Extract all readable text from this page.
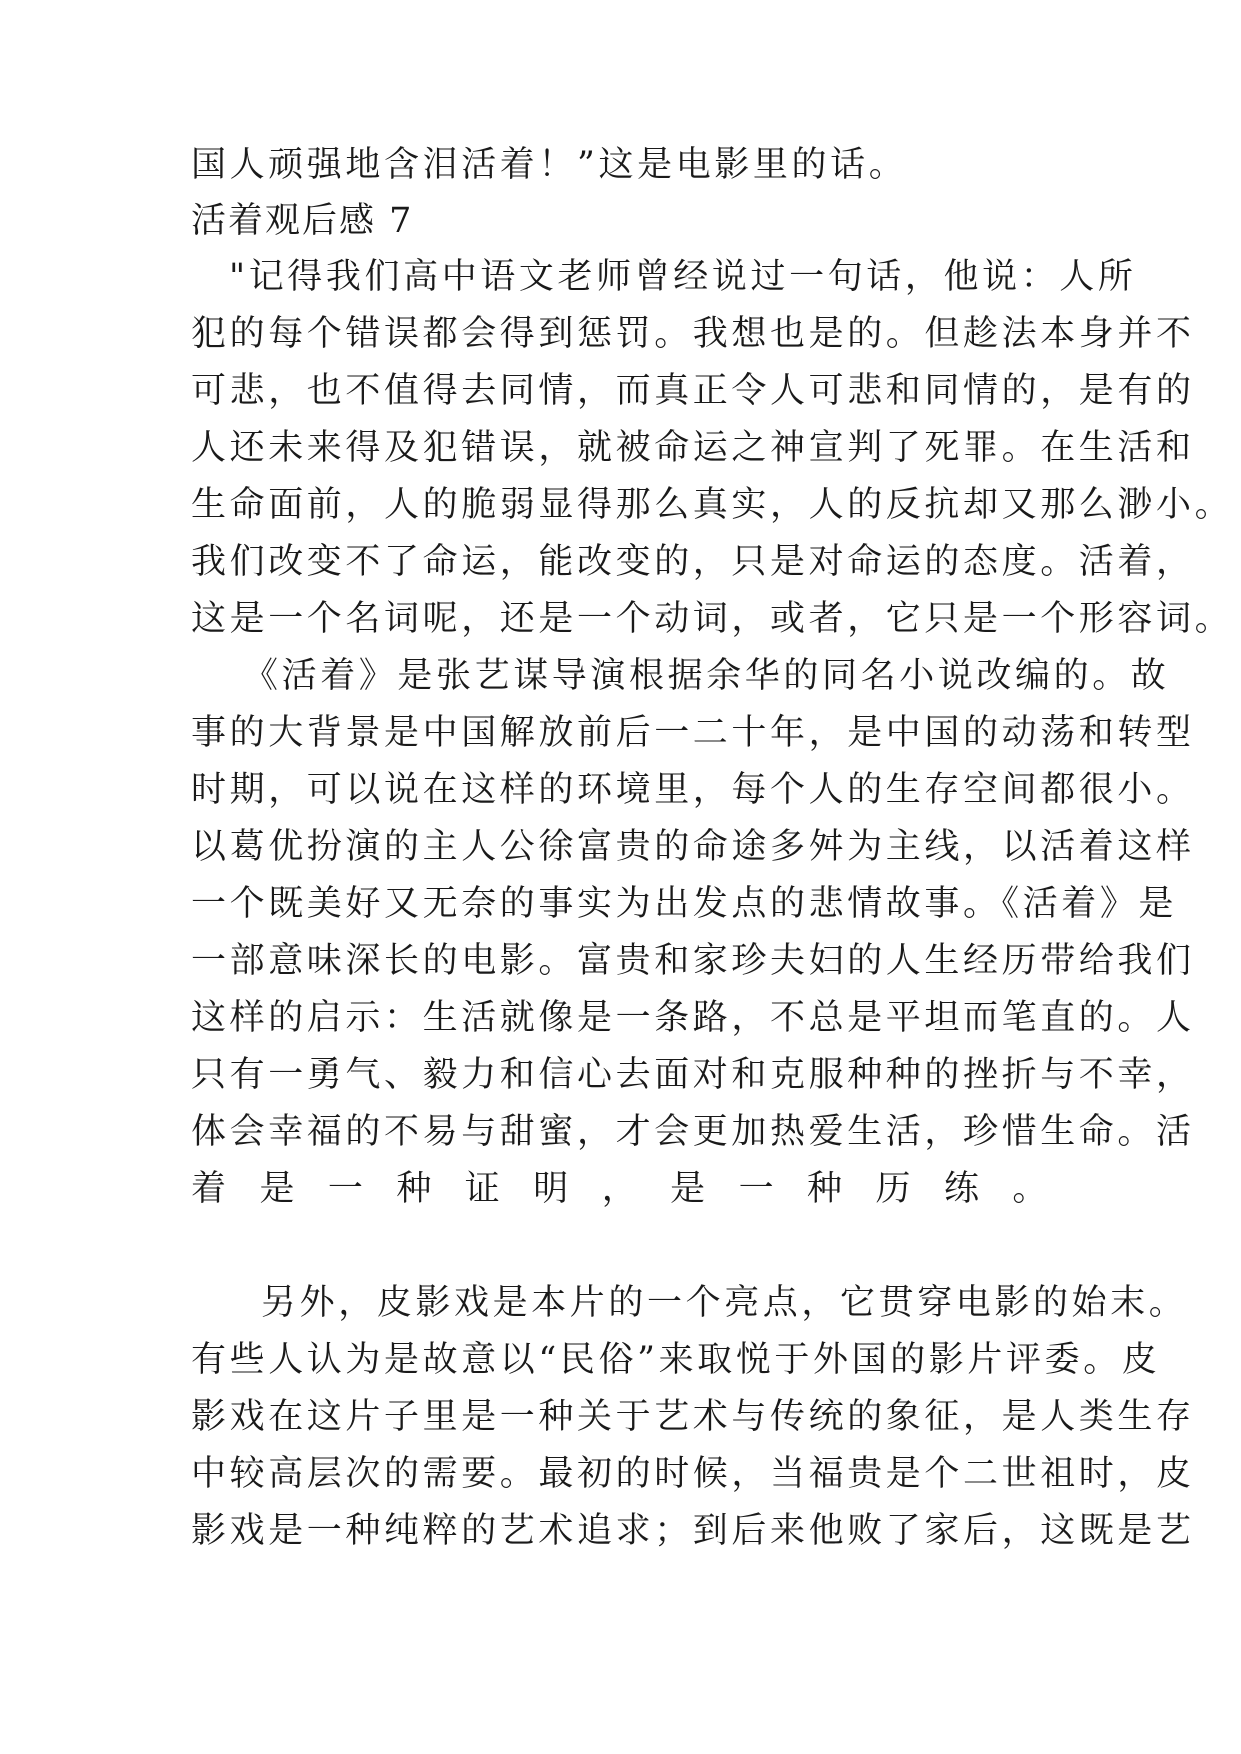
国人顽强地含泪活着！”这是电影里的话。
活着观后感 7
"记得我们高中语文老师曾经说过一句话，他说：人所
犯的每个错误都会得到惩罚。我想也是的。但趁法本身并不
可悲，也不值得去同情，而真正令人可悲和同情的，是有的
人还未来得及犯错误，就被命运之神宣判了死罪。在生活和
生命面前，人的脆弱显得那么真实，人的反抗却又那么渺小。
我们改变不了命运，能改变的，只是对命运的态度。活着，
这是一个名词呢，还是一个动词，或者，它只是一个形容词。
《活着》是张艺谋导演根据余华的同名小说改编的。故
事的大背景是中国解放前后一二十年，是中国的动荡和转型
时期，可以说在这样的环境里，每个人的生存空间都很小。
以葛优扮演的主人公徐富贵的命途多舛为主线，以活着这样
一个既美好又无奈的事实为出发点的悲情故事。《活着》是
一部意味深长的电影。富贵和家珍夫妇的人生经历带给我们
这样的启示：生活就像是一条路，不总是平坦而笔直的。人
只有一勇气、毅力和信心去面对和克服种种的挫折与不幸，
体会幸福的不易与甜蜜，才会更加热爱生活，珍惜生命。活
着是一种证明，是一种历练。
另外，皮影戏是本片的一个亮点，它贯穿电影的始末。
有些人认为是故意以“民俗”来取悦于外国的影片评委。皮
影戏在这片子里是一种关于艺术与传统的象征，是人类生存
中较高层次的需要。最初的时候，当福贵是个二世祖时，皮
影戏是一种纯粹的艺术追求；到后来他败了家后，这既是艺
